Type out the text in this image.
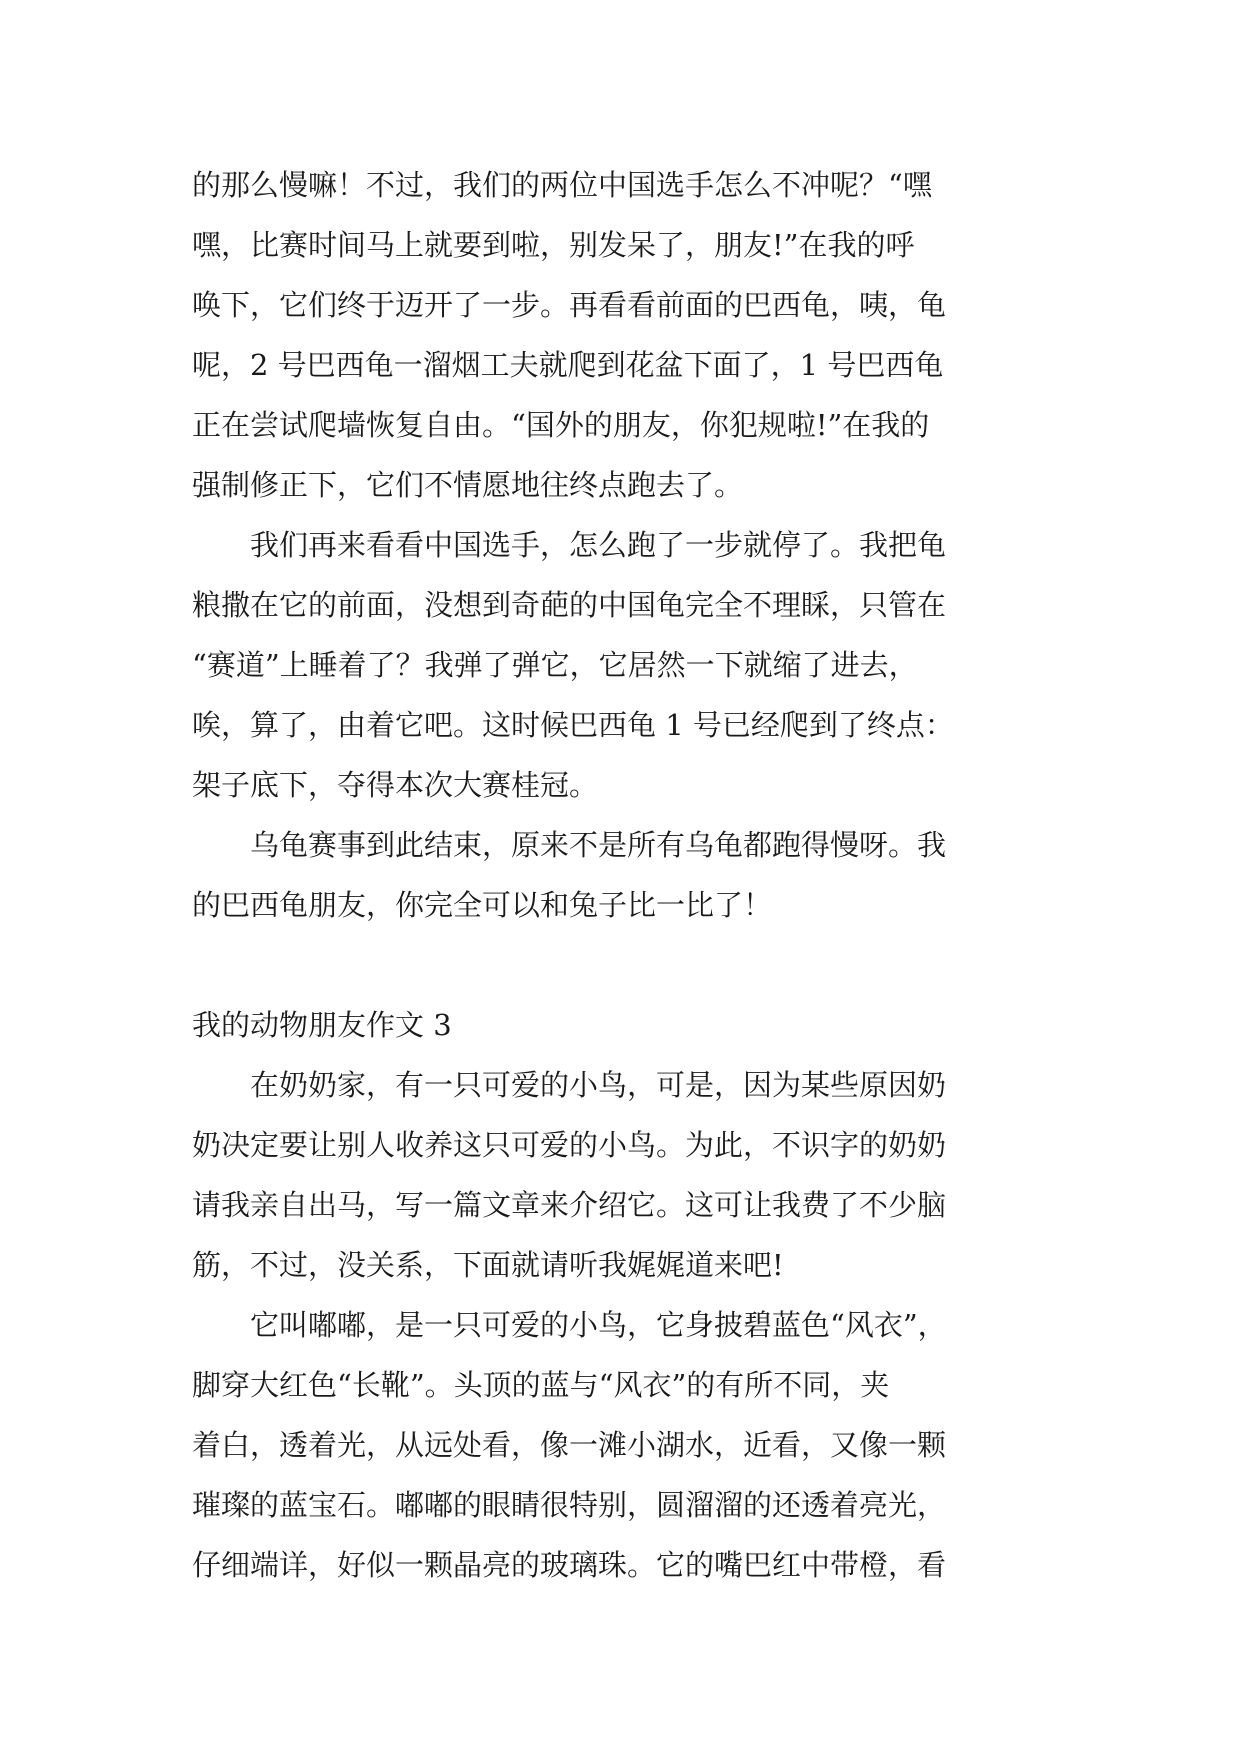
的那么慢嘛！不过，我们的两位中国选手怎么不冲呢？“嘿
嘿，比赛时间马上就要到啦，别发呆了，朋友!”在我的呼
唤下，它们终于迈开了一步。再看看前面的巴西龟，咦，龟
呢，2 号巴西龟一溜烟工夫就爬到花盆下面了，1 号巴西龟
正在尝试爬墙恢复自由。“国外的朋友，你犯规啦!”在我的
强制修正下，它们不情愿地往终点跑去了。
我们再来看看中国选手，怎么跑了一步就停了。我把龟
粮撒在它的前面，没想到奇葩的中国龟完全不理睬，只管在
“赛道”上睡着了？我弹了弹它，它居然一下就缩了进去，
唉，算了，由着它吧。这时候巴西龟 1 号已经爬到了终点：
架子底下，夺得本次大赛桂冠。
乌龟赛事到此结束，原来不是所有乌龟都跑得慢呀。我
的巴西龟朋友，你完全可以和兔子比一比了！
我的动物朋友作文 3
在奶奶家，有一只可爱的小鸟，可是，因为某些原因奶
奶决定要让别人收养这只可爱的小鸟。为此，不识字的奶奶
请我亲自出马，写一篇文章来介绍它。这可让我费了不少脑
筋，不过，没关系，下面就请听我娓娓道来吧!
它叫嘟嘟，是一只可爱的小鸟，它身披碧蓝色“风衣”，
脚穿大红色“长靴”。头顶的蓝与“风衣”的有所不同，夹
着白，透着光，从远处看，像一滩小湖水，近看，又像一颗
璀璨的蓝宝石。嘟嘟的眼睛很特别，圆溜溜的还透着亮光，
仔细端详，好似一颗晶亮的玻璃珠。它的嘴巴红中带橙，看
